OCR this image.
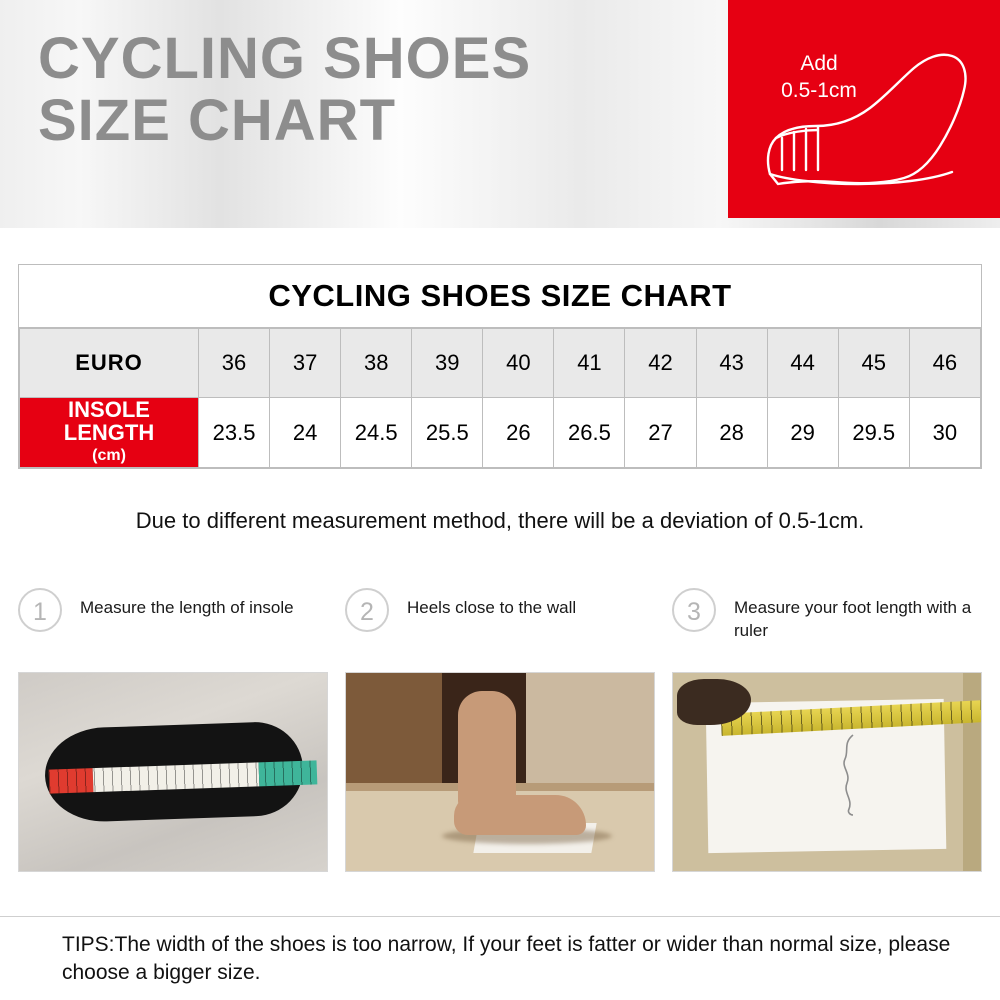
CYCLING SHOES SIZE CHART
Add
0.5-1cm
CYCLING SHOES SIZE CHART
EURO	36	37	38	39	40	41	42	43	44	45	46
INSOLE LENGTH
(cm)	23.5	24	24.5	25.5	26	26.5	27	28	29	29.5	30
Due to different measurement method, there will be a deviation of 0.5-1cm.
1	Measure the length of insole	2	Heels close to the wall	3	Measure your foot length with a ruler
TIPS:The width of the shoes is too narrow, If your feet is fatter or wider than normal size, please choose a bigger size.
